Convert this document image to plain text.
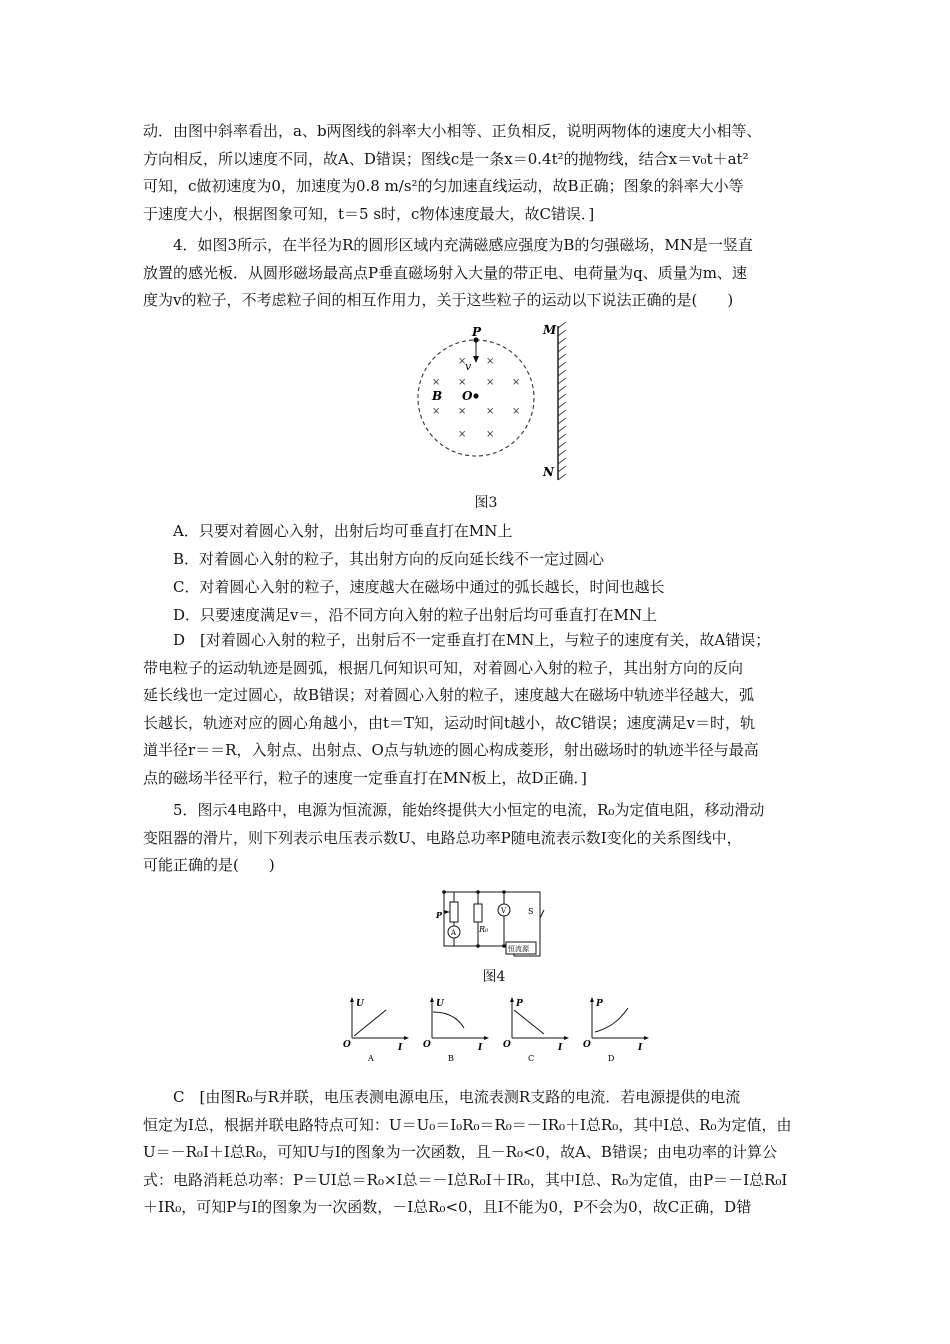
动．由图中斜率看出，a、b两图线的斜率大小相等、正负相反，说明两物体的速度大小相等、
方向相反，所以速度不同，故A、D错误；图线c是一条x＝0.4t²的抛物线，结合x＝v₀t＋at²
可知，c做初速度为0，加速度为0.8 m/s²的匀加速直线运动，故B正确；图象的斜率大小等
于速度大小，根据图象可知，t＝5 s时，c物体速度最大，故C错误．]
4．如图3所示，在半径为R的圆形区域内充满磁感应强度为B的匀强磁场，MN是一竖直
放置的感光板．从圆形磁场最高点P垂直磁场射入大量的带正电、电荷量为q、质量为m、速
度为v的粒子，不考虑粒子间的相互作用力，关于这些粒子的运动以下说法正确的是(　　)
P
v
O
B
× ×
× × × ×
× × × ×
× ×
M
N
图3
A．只要对着圆心入射，出射后均可垂直打在MN上
B．对着圆心入射的粒子，其出射方向的反向延长线不一定过圆心
C．对着圆心入射的粒子，速度越大在磁场中通过的弧长越长，时间也越长
D．只要速度满足v＝，沿不同方向入射的粒子出射后均可垂直打在MN上
D　[对着圆心入射的粒子，出射后不一定垂直打在MN上，与粒子的速度有关，故A错误；
带电粒子的运动轨迹是圆弧，根据几何知识可知，对着圆心入射的粒子，其出射方向的反向
延长线也一定过圆心，故B错误；对着圆心入射的粒子，速度越大在磁场中轨迹半径越大，弧
长越长，轨迹对应的圆心角越小，由t＝T知，运动时间t越小，故C错误；速度满足v＝时，轨
道半径r＝＝R，入射点、出射点、O点与轨迹的圆心构成菱形，射出磁场时的轨迹半径与最高
点的磁场半径平行，粒子的速度一定垂直打在MN板上，故D正确．]
5．图示4电路中，电源为恒流源，能始终提供大小恒定的电流，R₀为定值电阻，移动滑动
变阻器的滑片，则下列表示电压表示数U、电路总功率P随电流表示数I变化的关系图线中，
可能正确的是(　　)
P
A	R₀
V	S
恒流源
图4
U
I
O
A
U
I
O
B
P
I
O
C
P
I
O
D
C　[由图R₀与R并联，电压表测电源电压，电流表测R支路的电流．若电源提供的电流
恒定为I总，根据并联电路特点可知：U＝U₀＝I₀R₀＝R₀＝－IR₀＋I总R₀，其中I总、R₀为定值，由
U＝－R₀I＋I总R₀，可知U与I的图象为一次函数，且－R₀<0，故A、B错误；由电功率的计算公
式：电路消耗总功率：P＝UI总＝R₀×I总＝－I总R₀I＋IR₀，其中I总、R₀为定值，由P＝－I总R₀I
＋IR₀，可知P与I的图象为一次函数，－I总R₀<0，且I不能为0，P不会为0，故C正确，D错
